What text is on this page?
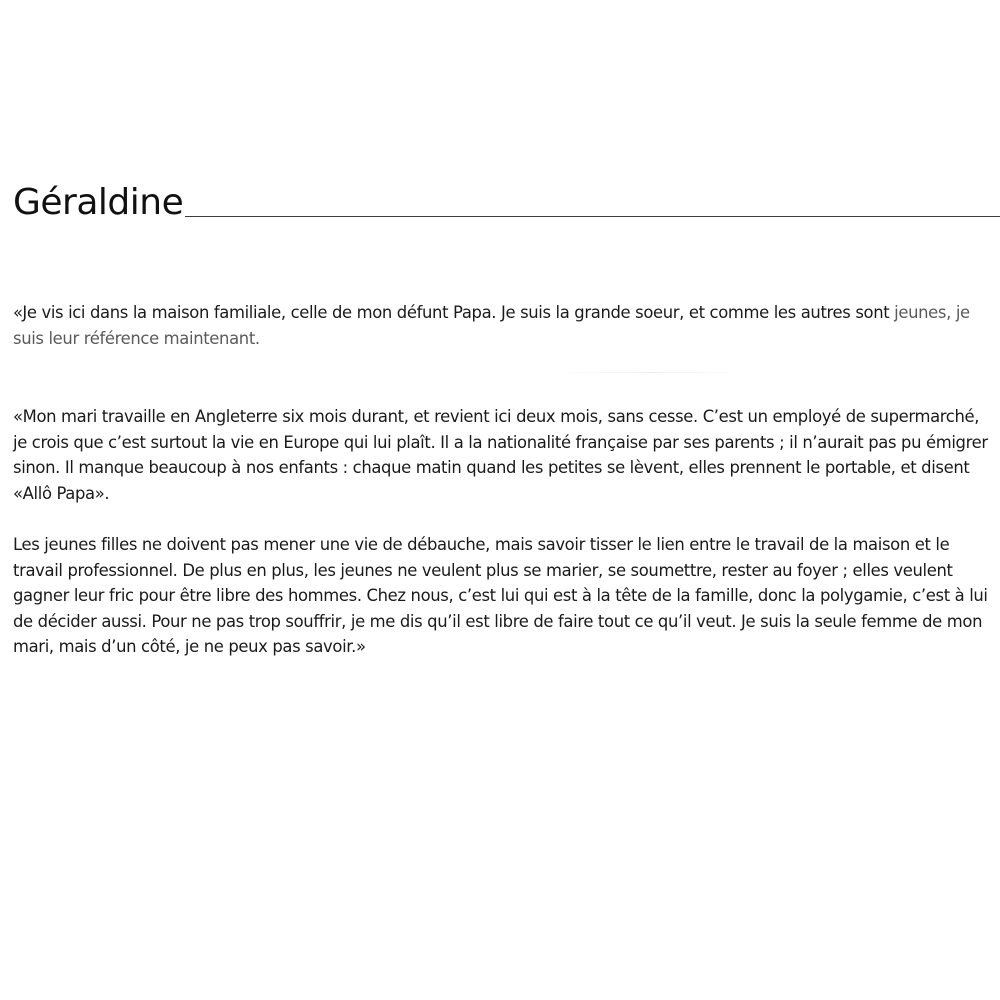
Géraldine

«Je vis ici dans la maison familiale, celle de mon défunt Papa. Je suis la grande soeur, et comme les autres sont jeunes, je suis leur référence maintenant.

«Mon mari travaille en Angleterre six mois durant, et revient ici deux mois, sans cesse. C’est un employé de supermarché, je crois que c’est surtout la vie en Europe qui lui plaît. Il a la nationalité française par ses parents ; il n’aurait pas pu émigrer sinon. Il manque beaucoup à nos enfants : chaque matin quand les petites se lèvent, elles prennent le portable, et disent «Allô Papa».

Les jeunes filles ne doivent pas mener une vie de débauche, mais savoir tisser le lien entre le travail de la maison et le travail professionnel. De plus en plus, les jeunes ne veulent plus se marier, se soumettre, rester au foyer ; elles veulent gagner leur fric pour être libre des hommes. Chez nous, c’est lui qui est à la tête de la famille, donc la polygamie, c’est à lui de décider aussi. Pour ne pas trop souffrir, je me dis qu’il est libre de faire tout ce qu’il veut. Je suis la seule femme de mon mari, mais d’un côté, je ne peux pas savoir.»
